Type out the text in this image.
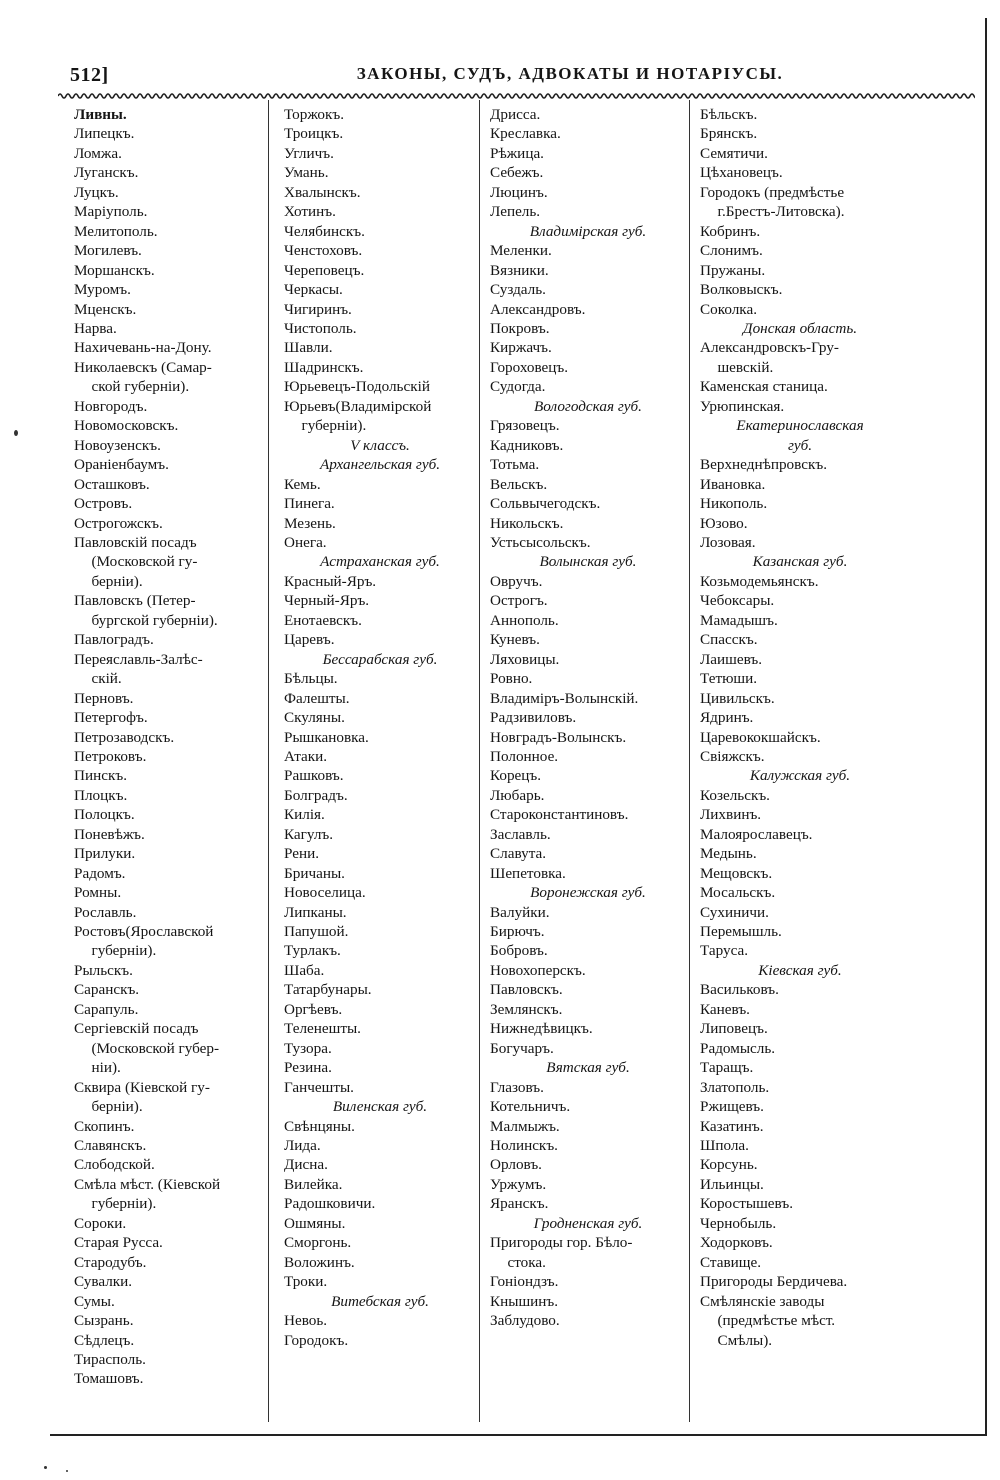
512]	ЗАКОНЫ, СУДЪ, АДВОКАТЫ И НОТАРІУСЫ.
Ливны.
Липецкъ.
Ломжа.
Луганскъ.
Луцкъ.
Маріуполь.
Мелитополь.
Могилевъ.
Моршанскъ.
Муромъ.
Мценскъ.
Нарва.
Нахичевань-на-Дону.
Николаевскъ (Самар-
ской губерніи).
Новгородъ.
Новомосковскъ.
Новоузенскъ.
Ораніенбаумъ.
Осташковъ.
Островъ.
Острогожскъ.
Павловскій посадъ
(Московской гу-
берніи).
Павловскъ (Петер-
бургской губерніи).
Павлоградъ.
Переяславль-Залѣс-
скій.
Перновъ.
Петергофъ.
Петрозаводскъ.
Петроковъ.
Пинскъ.
Плоцкъ.
Полоцкъ.
Поневѣжъ.
Прилуки.
Радомъ.
Ромны.
Рославль.
Ростовъ(Ярославской
губерніи).
Рыльскъ.
Саранскъ.
Сарапуль.
Сергіевскій посадъ
(Московской губер-
ніи).
Сквира (Кіевской гу-
берніи).
Скопинъ.
Славянскъ.
Слободской.
Смѣла мѣст. (Кіевской
губерніи).
Сороки.
Старая Русса.
Стародубъ.
Сувалки.
Сумы.
Сызрань.
Сѣдлецъ.
Тирасполь.
Томашовъ.
Торжокъ.
Троицкъ.
Угличъ.
Умань.
Хвалынскъ.
Хотинъ.
Челябинскъ.
Ченстоховъ.
Череповецъ.
Черкасы.
Чигиринъ.
Чистополь.
Шавли.
Шадринскъ.
Юрьевецъ-Подольскій
Юрьевъ(Владимірской
губерніи).
V классъ.
Архангельская губ.
Кемь.
Пинега.
Мезень.
Онега.
Астраханская губ.
Красный-Яръ.
Черный-Яръ.
Енотаевскъ.
Царевъ.
Бессарабская губ.
Бѣльцы.
Фалешты.
Скуляны.
Рышкановка.
Атаки.
Рашковъ.
Болградъ.
Килія.
Кагулъ.
Рени.
Бричаны.
Новоселица.
Липканы.
Папушой.
Турлакъ.
Шаба.
Татарбунары.
Оргѣевъ.
Теленешты.
Тузора.
Резина.
Ганчешты.
Виленская губ.
Свѣнцяны.
Лида.
Дисна.
Вилейка.
Радошковичи.
Ошмяны.
Сморгонь.
Воложинъ.
Троки.
Витебская губ.
Невоь.
Городокъ.
Дрисса.
Креславка.
Рѣжица.
Себежъ.
Люцинъ.
Лепель.
Владимірская губ.
Меленки.
Вязники.
Суздаль.
Александровъ.
Покровъ.
Киржачъ.
Гороховецъ.
Судогда.
Вологодская губ.
Грязовецъ.
Кадниковъ.
Тотьма.
Вельскъ.
Сольвычегодскъ.
Никольскъ.
Устьсысольскъ.
Волынская губ.
Овручъ.
Острогъ.
Аннополь.
Куневъ.
Ляховицы.
Ровно.
Владиміръ-Волынскій.
Радзивиловъ.
Новградъ-Волынскъ.
Полонное.
Корецъ.
Любарь.
Староконстантиновъ.
Заславль.
Славута.
Шепетовка.
Воронежская губ.
Валуйки.
Бирючъ.
Бобровъ.
Новохоперскъ.
Павловскъ.
Землянскъ.
Нижнедѣвицкъ.
Богучаръ.
Вятская губ.
Глазовъ.
Котельничъ.
Малмыжъ.
Нолинскъ.
Орловъ.
Уржумъ.
Яранскъ.
Гродненская губ.
Пригороды гор. Бѣло-
стока.
Гоніондзъ.
Кнышинъ.
Заблудово.
Бѣльскъ.
Брянскъ.
Семятичи.
Цѣхановецъ.
Городокъ (предмѣстье
г.Брестъ-Литовска).
Кобринъ.
Слонимъ.
Пружаны.
Волковыскъ.
Соколка.
Донская область.
Александровскъ-Гру-
шевскій.
Каменская станица.
Урюпинская.
Екатеринославская
губ.
Верхнеднѣпровскъ.
Ивановка.
Никополь.
Юзово.
Лозовая.
Казанская губ.
Козьмодемьянскъ.
Чебоксары.
Мамадышъ.
Спасскъ.
Лаишевъ.
Тетюши.
Цивильскъ.
Ядринъ.
Царевококшайскъ.
Свіяжскъ.
Калужская губ.
Козельскъ.
Лихвинъ.
Малоярославецъ.
Медынь.
Мещовскъ.
Мосальскъ.
Сухиничи.
Перемышль.
Таруса.
Кіевская губ.
Васильковъ.
Каневъ.
Липовецъ.
Радомысль.
Таращъ.
Златополь.
Ржищевъ.
Казатинъ.
Шпола.
Корсунь.
Ильинцы.
Коростышевъ.
Чернобыль.
Ходорковъ.
Ставище.
Пригороды Бердичева.
Смѣлянскіе заводы
(предмѣстье мѣст.
Смѣлы).
